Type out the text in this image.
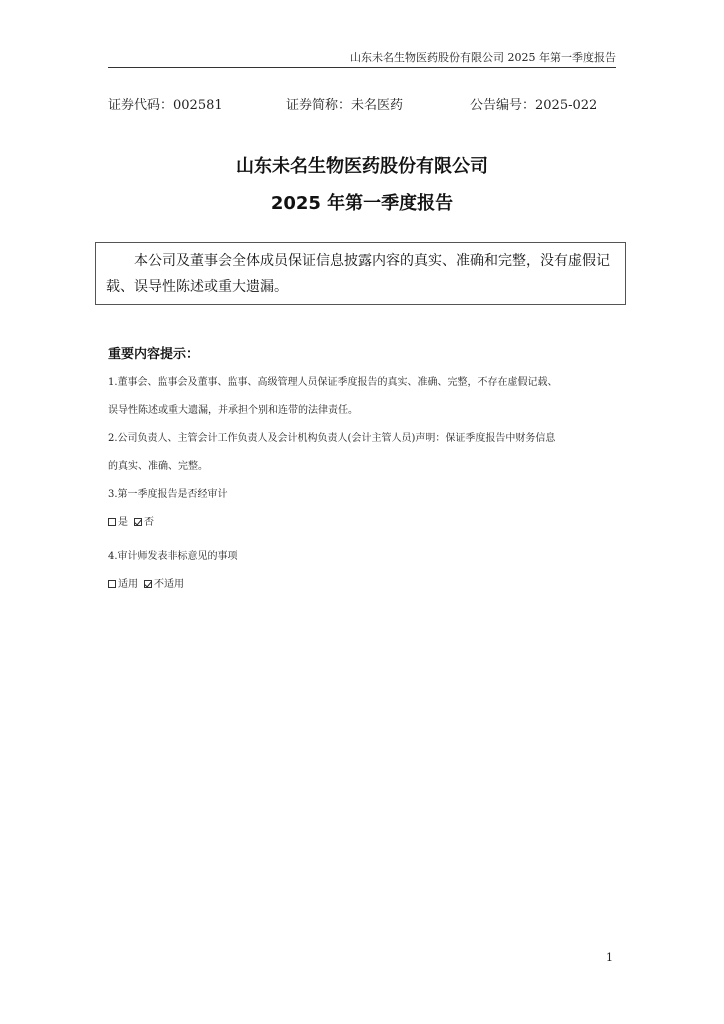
山东未名生物医药股份有限公司 2025 年第一季度报告
证券代码：002581	证券简称：未名医药	公告编号：2025-022
山东未名生物医药股份有限公司
2025 年第一季度报告

本公司及董事会全体成员保证信息披露内容的真实、准确和完整，没有虚假记载、误导性陈述或重大遗漏。

重要内容提示：
1.董事会、监事会及董事、监事、高级管理人员保证季度报告的真实、准确、完整，不存在虚假记载、
误导性陈述或重大遗漏，并承担个别和连带的法律责任。
2.公司负责人、主管会计工作负责人及会计机构负责人(会计主管人员)声明：保证季度报告中财务信息
的真实、准确、完整。
3.第一季度报告是否经审计
是 否
4.审计师发表非标意见的事项
适用 不适用
1
